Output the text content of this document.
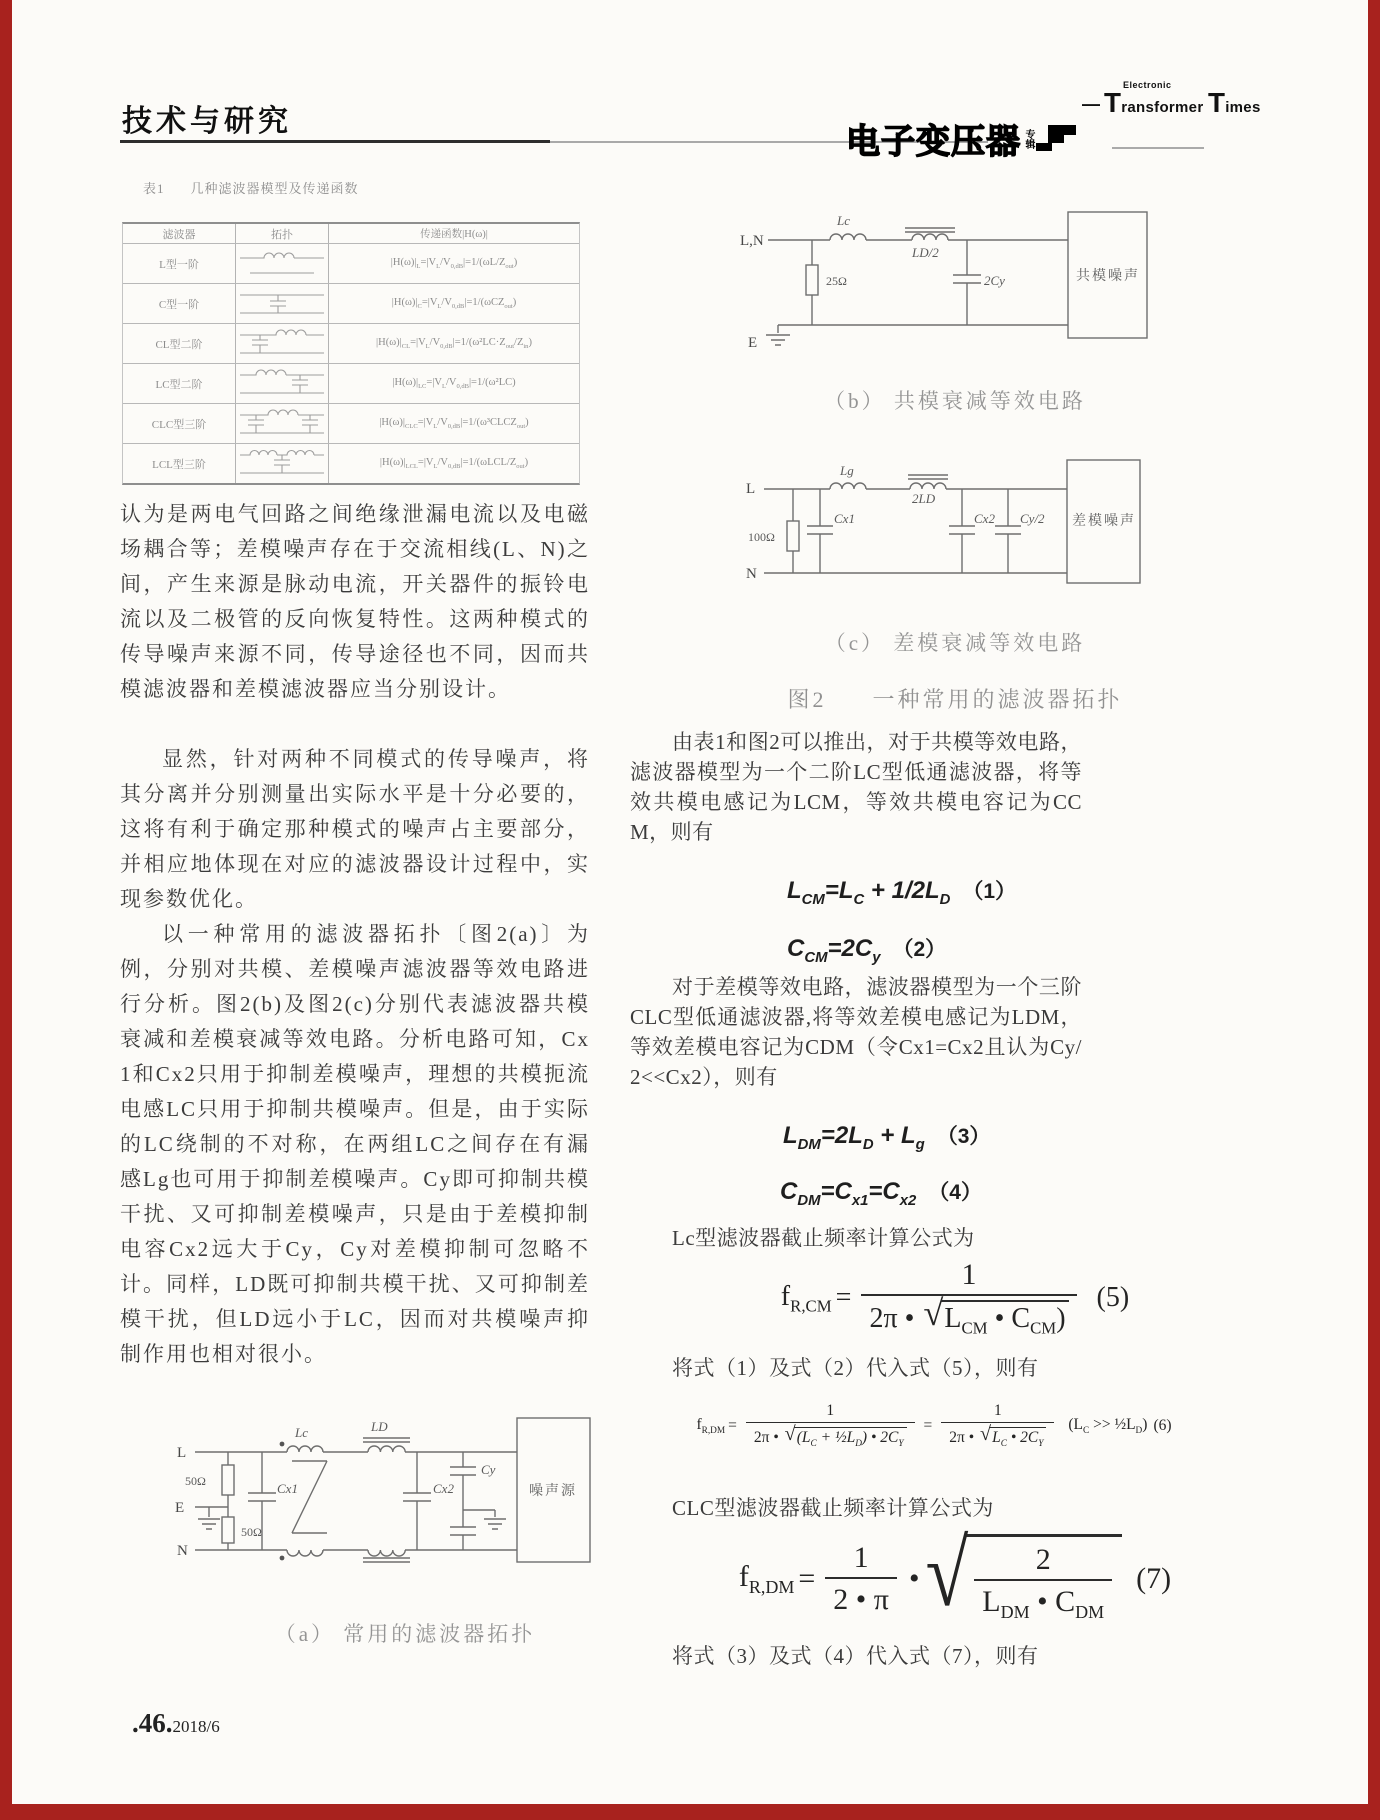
技术与研究
—
Electronic
Transformer Times
电子变压器 专辑
表1 几种滤波器模型及传递函数
滤波器	拓扑	传递函数|H(ω)|
L型一阶	$|H(\omega)|_L=|V_L/V_{0,dB}|=1/(\omega L/Z_{out})$
C型一阶	$|H(\omega)|_C=|V_L/V_{0,dB}|=1/(\omega CZ_{out})$
CL型二阶	$|H(\omega)|_{CL}=|V_L/V_{0,dB}|=1/(\omega^2LC\cdot Z_{out}/Z_{in})$
LC型二阶	$|H(\omega)|_{LC}=|V_L/V_{0,dB}|=1/(\omega^2LC)$
CLC型三阶	$|H(\omega)|_{CLC}=|V_L/V_{0,dB}|=1/(\omega^3CLCZ_{out})$
LCL型三阶	$|H(\omega)|_{LCL}=|V_L/V_{0,dB}|=1/(\omega LCL/Z_{out})$
认为是两电气回路之间绝缘泄漏电流以及电磁场耦合等；差模噪声存在于交流相线(L、N)之间，产生来源是脉动电流，开关器件的振铃电流以及二极管的反向恢复特性。这两种模式的传导噪声来源不同，传导途径也不同，因而共模滤波器和差模滤波器应当分别设计。
显然，针对两种不同模式的传导噪声，将其分离并分别测量出实际水平是十分必要的，这将有利于确定那种模式的噪声占主要部分，并相应地体现在对应的滤波器设计过程中，实现参数优化。
以一种常用的滤波器拓扑〔图2(a)〕为例，分别对共模、差模噪声滤波器等效电路进行分析。图2(b)及图2(c)分别代表滤波器共模衰减和差模衰减等效电路。分析电路可知，Cx1和Cx2只用于抑制差模噪声，理想的共模扼流电感LC只用于抑制共模噪声。但是，由于实际的LC绕制的不对称，在两组LC之间存在有漏感Lg也可用于抑制差模噪声。Cy即可抑制共模干扰、又可抑制差模噪声，只是由于差模抑制电容Cx2远大于Cy，Cy对差模抑制可忽略不计。同样，LD既可抑制共模干扰、又可抑制差模干扰，但LD远小于LC，因而对共模噪声抑制作用也相对很小。
L
N
E
50Ω
50Ω
Cx1
Lc	LD
Cx2
Cy
噪声源
（a） 常用的滤波器拓扑
L,N
25Ω
Lc
LD/2
2Cy
E
共模噪声
（b） 共模衰减等效电路
L
N
100Ω
Cx1
Lg
2LD
Cx2 Cy/2 差模噪声
（c） 差模衰减等效电路
图2 一种常用的滤波器拓扑
由表1和图2可以推出，对于共模等效电路，滤波器模型为一个二阶LC型低通滤波器，将等效共模电感记为LCM，等效共模电容记为CCM，则有
$L_{CM}=L_C + 1/2L_D$ （1）
$C_{CM}=2C_y$ （2）
对于差模等效电路，滤波器模型为一个三阶CLC型低通滤波器,将等效差模电感记为LDM，等效差模电容记为CDM（令Cx1=Cx2且认为Cy/2<<Cx2），则有
$L_{DM}=2L_D + L_g$ （3）
$C_{DM}=C_{x1}=C_{x2}$ （4）
Lc型滤波器截止频率计算公式为
$f_{R,CM} = \frac{1}{2\pi • √L_{CM} • C_{CM})} (5)$
将式（1）及式（2）代入式（5），则有
$f_{R,DM} = \frac{1}{2\pi • √(L_C + \frac{1}{2}L_D) • 2C_Y} = \frac{1}{2\pi • √L_C • 2C_Y} (L_C$ >> $\frac{1}{2}L_D$) (6)
CLC型滤波器截止频率计算公式为
$f_{R,DM} = \frac{1}{2 • \pi}$ • √ $\frac{2}{L_{DM} • C_{DM}} (7)$
将式（3）及式（4）代入式（7），则有
.46.2018/6
